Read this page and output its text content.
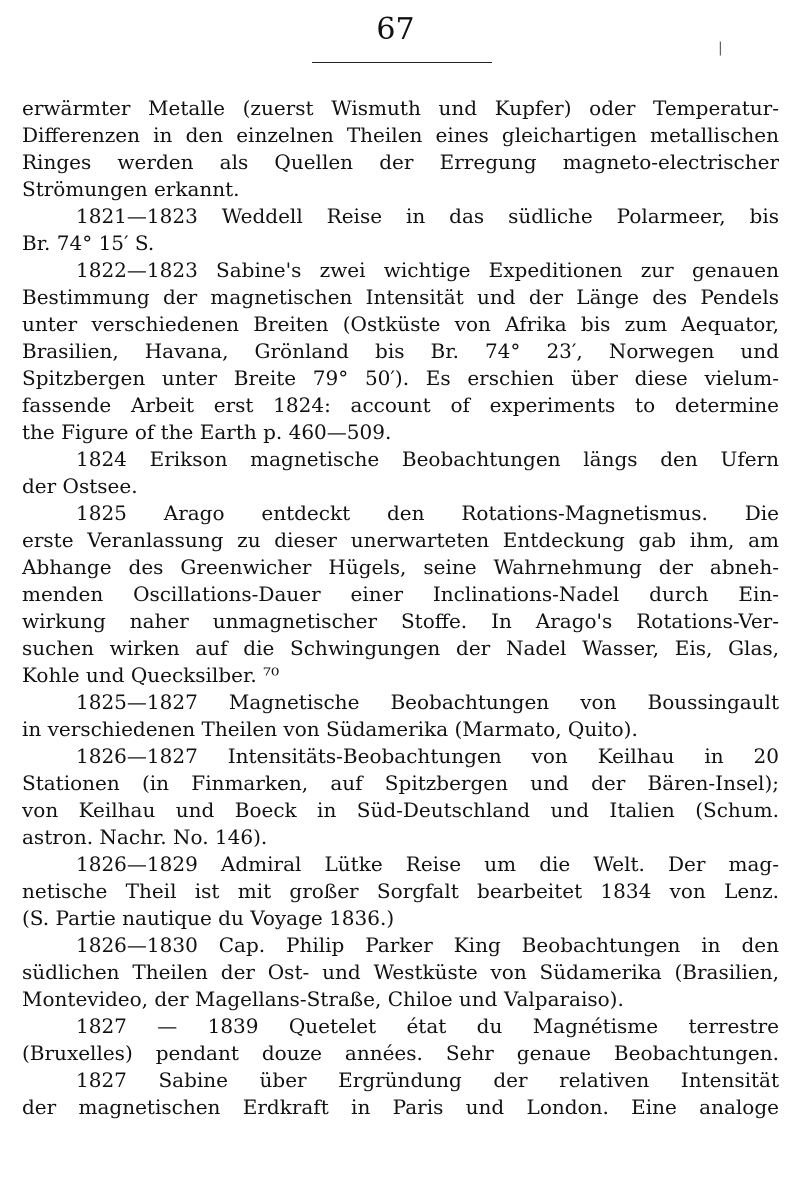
67
|
erwärmter Metalle (zuerst Wismuth und Kupfer) oder Temperatur-
Differenzen in den einzelnen Theilen eines gleichartigen metallischen
Ringes werden als Quellen der Erregung magneto-electrischer
Strömungen erkannt.
1821—1823 Weddell Reise in das südliche Polarmeer, bis
Br. 74° 15′ S.
1822—1823 Sabine's zwei wichtige Expeditionen zur genauen
Bestimmung der magnetischen Intensität und der Länge des Pendels
unter verschiedenen Breiten (Ostküste von Afrika bis zum Aequator,
Brasilien, Havana, Grönland bis Br. 74° 23′, Norwegen und
Spitzbergen unter Breite 79° 50′). Es erschien über diese vielum-
fassende Arbeit erst 1824: account of experiments to determine
the Figure of the Earth p. 460—509.
1824 Erikson magnetische Beobachtungen längs den Ufern
der Ostsee.
1825 Arago entdeckt den Rotations-Magnetismus. Die
erste Veranlassung zu dieser unerwarteten Entdeckung gab ihm, am
Abhange des Greenwicher Hügels, seine Wahrnehmung der abneh-
menden Oscillations-Dauer einer Inclinations-Nadel durch Ein-
wirkung naher unmagnetischer Stoffe. In Arago's Rotations-Ver-
suchen wirken auf die Schwingungen der Nadel Wasser, Eis, Glas,
Kohle und Quecksilber. ⁷⁰
1825—1827 Magnetische Beobachtungen von Boussingault
in verschiedenen Theilen von Südamerika (Marmato, Quito).
1826—1827 Intensitäts-Beobachtungen von Keilhau in 20
Stationen (in Finmarken, auf Spitzbergen und der Bären-Insel);
von Keilhau und Boeck in Süd-Deutschland und Italien (Schum.
astron. Nachr. No. 146).
1826—1829 Admiral Lütke Reise um die Welt. Der mag-
netische Theil ist mit großer Sorgfalt bearbeitet 1834 von Lenz.
(S. Partie nautique du Voyage 1836.)
1826—1830 Cap. Philip Parker King Beobachtungen in den
südlichen Theilen der Ost- und Westküste von Südamerika (Brasilien,
Montevideo, der Magellans-Straße, Chiloe und Valparaiso).
1827 — 1839 Quetelet état du Magnétisme terrestre
(Bruxelles) pendant douze années. Sehr genaue Beobachtungen.
1827 Sabine über Ergründung der relativen Intensität
der magnetischen Erdkraft in Paris und London. Eine analoge
